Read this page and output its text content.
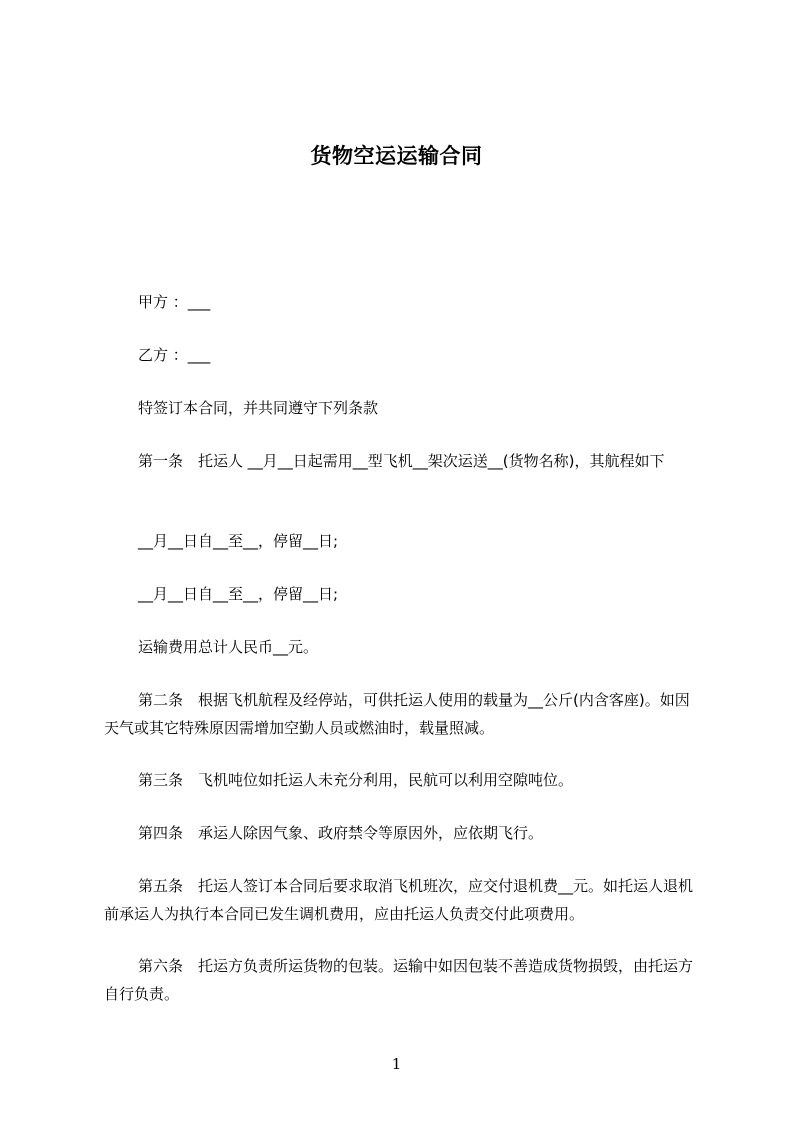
货物空运运输合同
甲方 ：___
乙方 ：___
特签订本合同，并共同遵守下列条款
第一条　托运人 __月__日起需用__型飞机__架次运送__(货物名称)，其航程如下
__月__日自__至__，停留__日;
__月__日自__至__，停留__日;
运输费用总计人民币__元。
第二条　根据飞机航程及经停站，可供托运人使用的载量为__公斤(内含客座)。如因天气或其它特殊原因需增加空勤人员或燃油时，载量照减。
第三条　飞机吨位如托运人未充分利用，民航可以利用空隙吨位。
第四条　承运人除因气象、政府禁令等原因外，应依期飞行。
第五条　托运人签订本合同后要求取消飞机班次，应交付退机费__元。如托运人退机前承运人为执行本合同已发生调机费用，应由托运人负责交付此项费用。
第六条　托运方负责所运货物的包装。运输中如因包装不善造成货物损毁，由托运方自行负责。
1
